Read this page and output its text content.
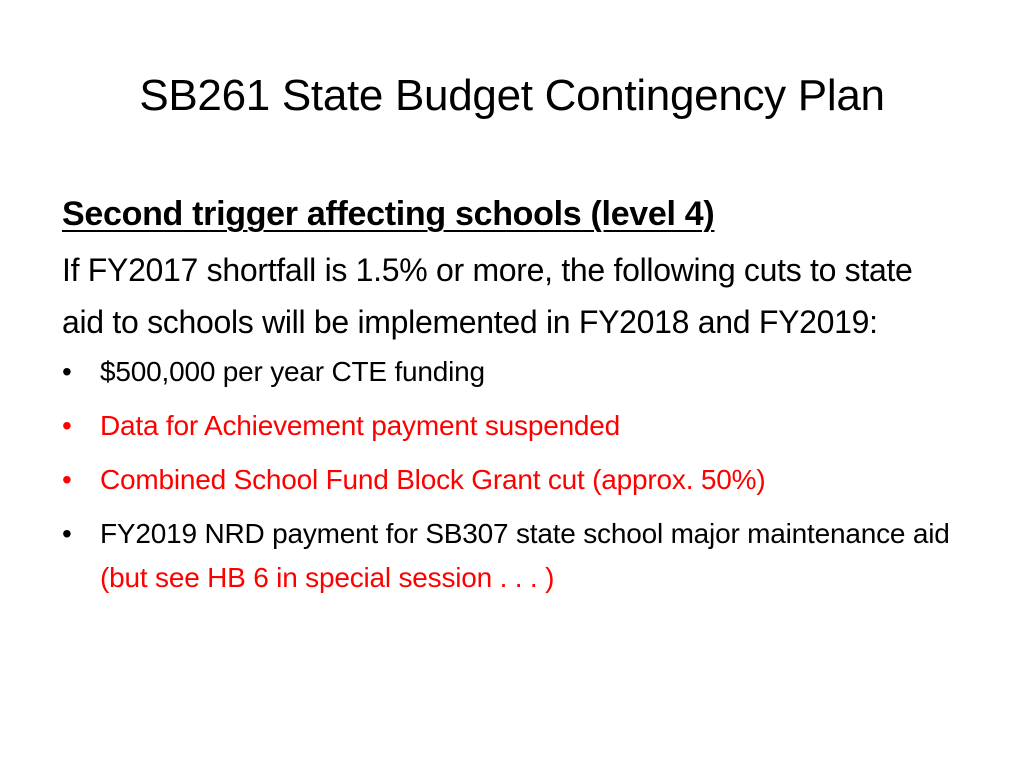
SB261 State Budget Contingency Plan
Second trigger affecting schools (level 4)
If FY2017 shortfall is 1.5% or more, the following cuts to state aid to schools will be implemented in FY2018 and FY2019:
•	$500,000 per year CTE funding
•	Data for Achievement payment suspended
•	Combined School Fund Block Grant cut (approx. 50%)
•	FY2019 NRD payment for SB307 state school major maintenance aid (but see HB 6 in special session . . . )
